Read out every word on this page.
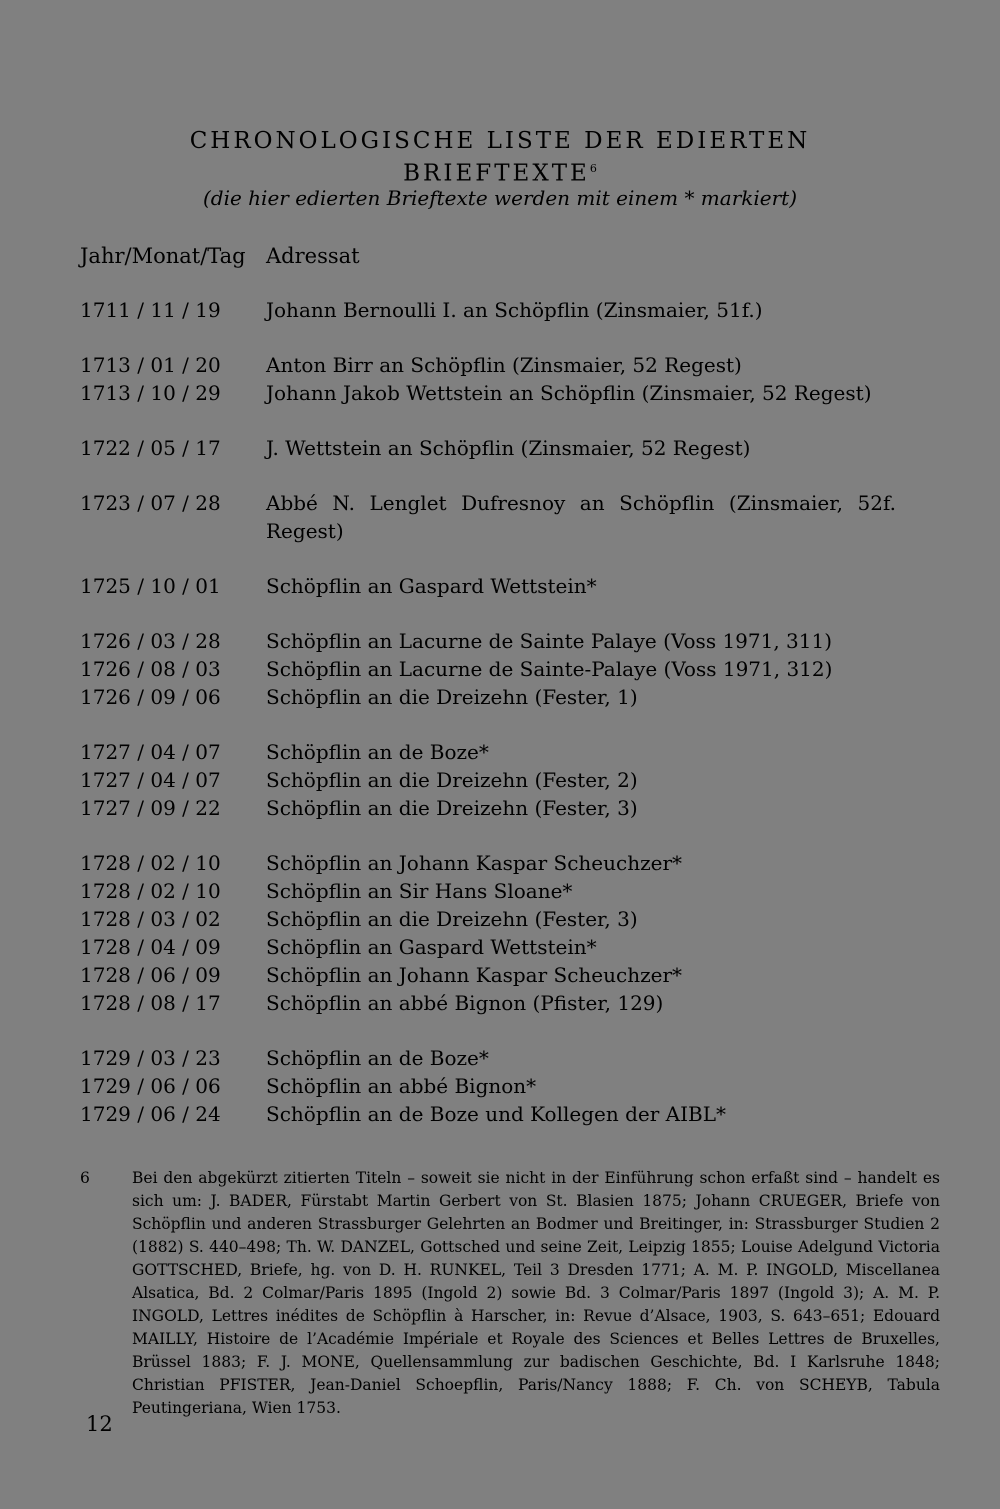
CHRONOLOGISCHE LISTE DER EDIERTEN
BRIEFTEXTE$^6$
(die hier edierten Brieftexte werden mit einem * markiert)
Jahr/Monat/Tag Adressat
1711 / 11 / 19 Johann Bernoulli I. an Schöpflin (Zinsmaier, 51f.)
1713 / 01 / 20 Anton Birr an Schöpflin (Zinsmaier, 52 Regest)
1713 / 10 / 29 Johann Jakob Wettstein an Schöpflin (Zinsmaier, 52 Regest)
1722 / 05 / 17 J. Wettstein an Schöpflin (Zinsmaier, 52 Regest)
1723 / 07 / 28 Abbé N. Lenglet Dufresnoy an Schöpflin (Zinsmaier, 52f. Regest)
1725 / 10 / 01 Schöpflin an Gaspard Wettstein*
1726 / 03 / 28 Schöpflin an Lacurne de Sainte Palaye (Voss 1971, 311)
1726 / 08 / 03 Schöpflin an Lacurne de Sainte-Palaye (Voss 1971, 312)
1726 / 09 / 06 Schöpflin an die Dreizehn (Fester, 1)
1727 / 04 / 07 Schöpflin an de Boze*
1727 / 04 / 07 Schöpflin an die Dreizehn (Fester, 2)
1727 / 09 / 22 Schöpflin an die Dreizehn (Fester, 3)
1728 / 02 / 10 Schöpflin an Johann Kaspar Scheuchzer*
1728 / 02 / 10 Schöpflin an Sir Hans Sloane*
1728 / 03 / 02 Schöpflin an die Dreizehn (Fester, 3)
1728 / 04 / 09 Schöpflin an Gaspard Wettstein*
1728 / 06 / 09 Schöpflin an Johann Kaspar Scheuchzer*
1728 / 08 / 17 Schöpflin an abbé Bignon (Pfister, 129)
1729 / 03 / 23 Schöpflin an de Boze*
1729 / 06 / 06 Schöpflin an abbé Bignon*
1729 / 06 / 24 Schöpflin an de Boze und Kollegen der AIBL*
6	Bei den abgekürzt zitierten Titeln – soweit sie nicht in der Einführung schon erfaßt sind – handelt es sich um: J. BADER, Fürstabt Martin Gerbert von St. Blasien 1875; Johann CRUEGER, Briefe von Schöpflin und anderen Strassburger Gelehrten an Bodmer und Breitinger, in: Strassburger Studien 2 (1882) S. 440–498; Th. W. DANZEL, Gottsched und seine Zeit, Leipzig 1855; Louise Adelgund Victoria GOTTSCHED, Briefe, hg. von D. H. RUNKEL, Teil 3 Dresden 1771; A. M. P. INGOLD, Miscellanea Alsatica, Bd. 2 Colmar/Paris 1895 (Ingold 2) sowie Bd. 3 Colmar/Paris 1897 (Ingold 3); A. M. P. INGOLD, Lettres inédites de Schöpflin à Harscher, in: Revue d’Alsace, 1903, S. 643–651; Edouard MAILLY, Histoire de l’Académie Impériale et Royale des Sciences et Belles Lettres de Bruxelles, Brüssel 1883; F. J. MONE, Quellensammlung zur badischen Geschichte, Bd. I Karlsruhe 1848; Christian PFISTER, Jean-Daniel Schoepflin, Paris/Nancy 1888; F. Ch. von SCHEYB, Tabula Peutingeriana, Wien 1753.
12
